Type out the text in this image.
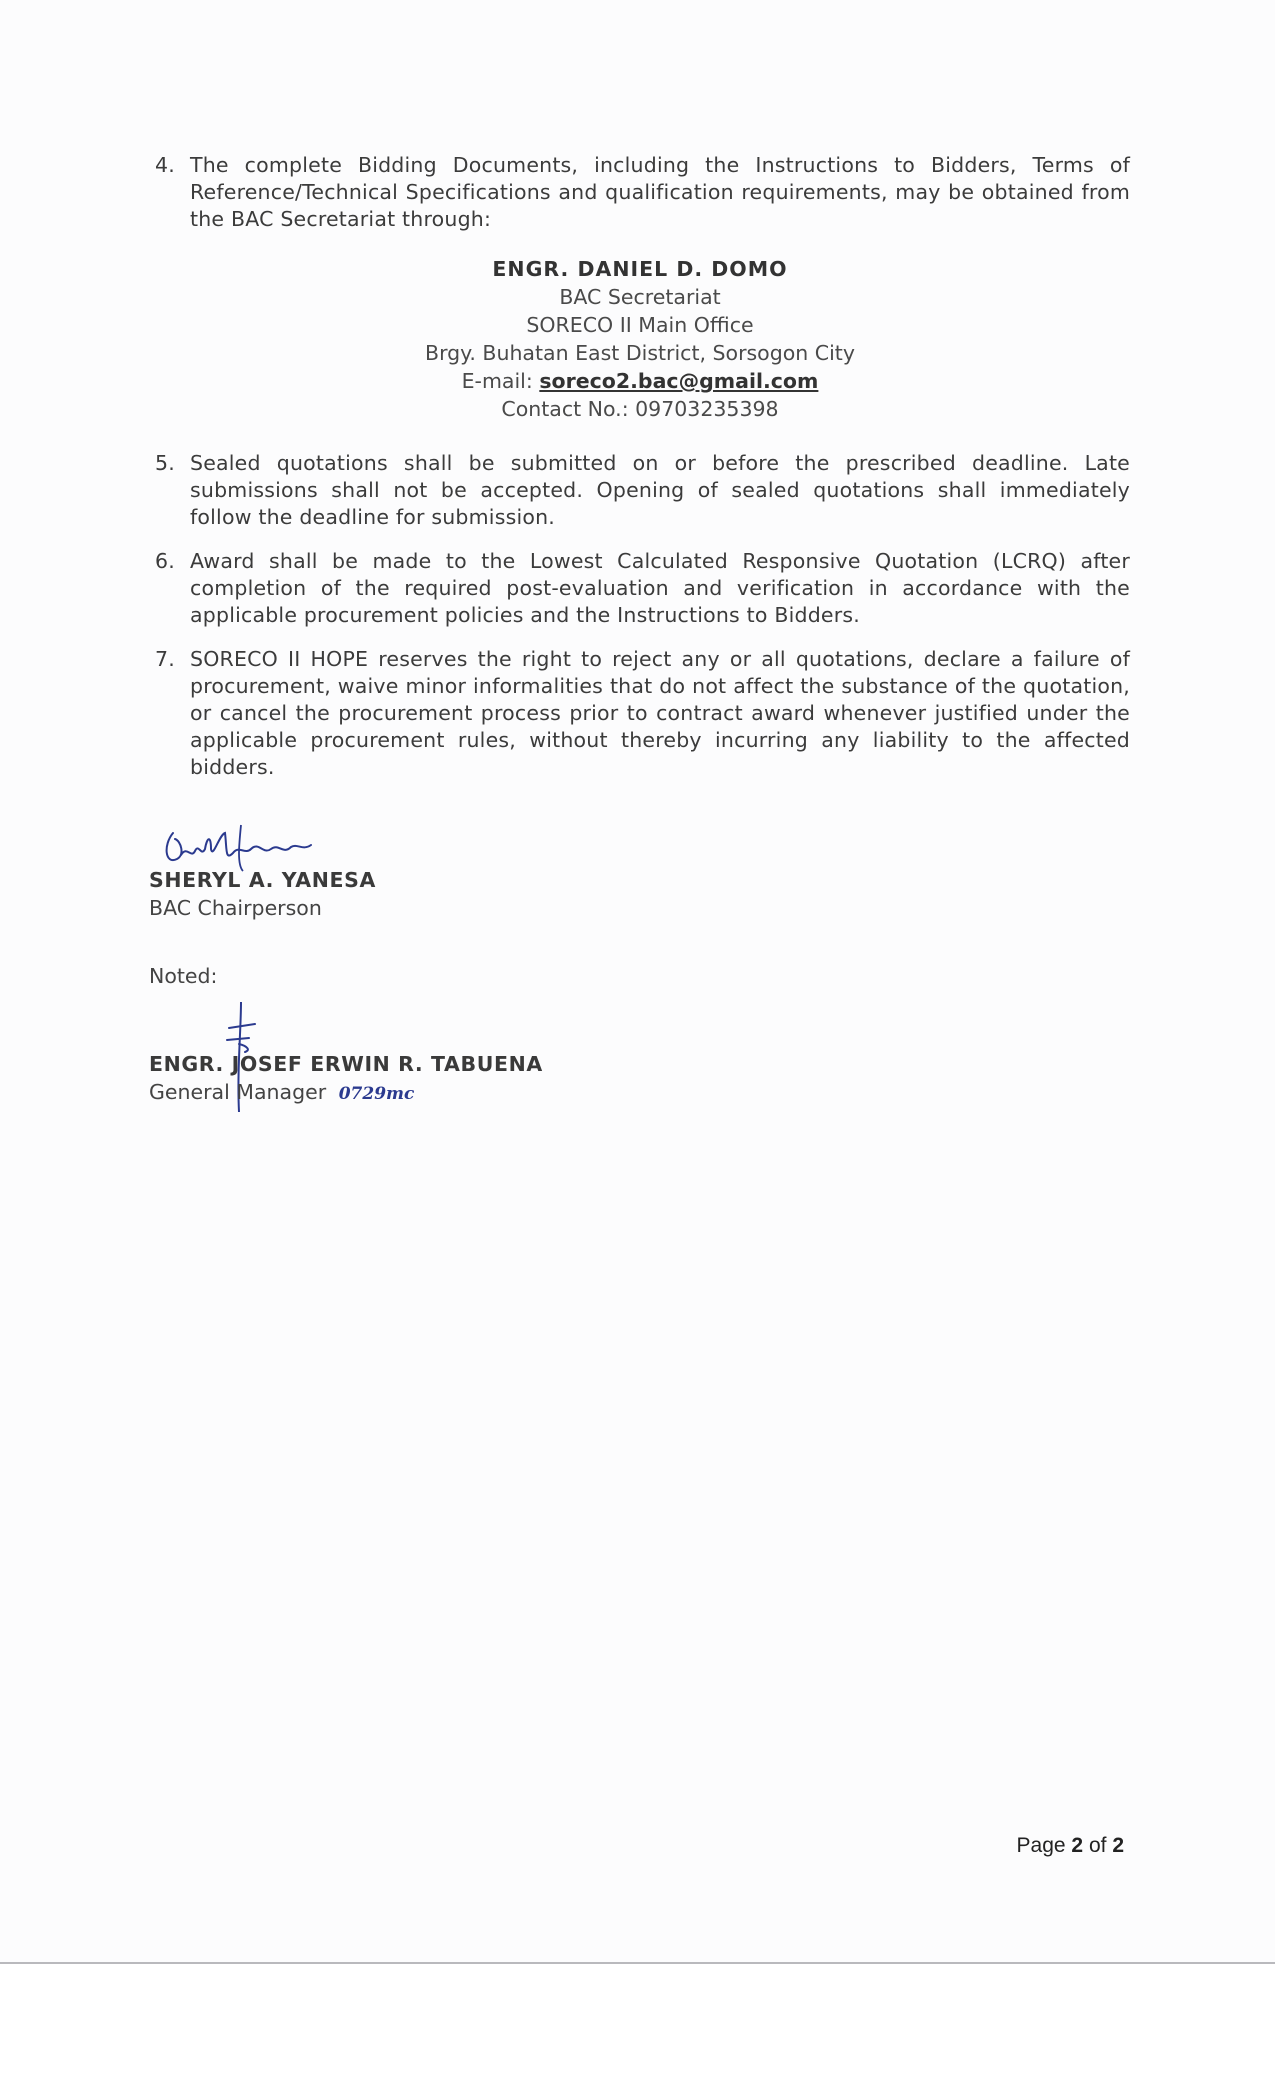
4. The complete Bidding Documents, including the Instructions to Bidders, Terms of Reference/Technical Specifications and qualification requirements, may be obtained from the BAC Secretariat through:
ENGR. DANIEL D. DOMO
BAC Secretariat
SORECO II Main Office
Brgy. Buhatan East District, Sorsogon City
E-mail: soreco2.bac@gmail.com
Contact No.: 09703235398
5. Sealed quotations shall be submitted on or before the prescribed deadline. Late submissions shall not be accepted. Opening of sealed quotations shall immediately follow the deadline for submission.
6. Award shall be made to the Lowest Calculated Responsive Quotation (LCRQ) after completion of the required post-evaluation and verification in accordance with the applicable procurement policies and the Instructions to Bidders.
7. SORECO II HOPE reserves the right to reject any or all quotations, declare a failure of procurement, waive minor informalities that do not affect the substance of the quotation, or cancel the procurement process prior to contract award whenever justified under the applicable procurement rules, without thereby incurring any liability to the affected bidders.
SHERYL A. YANESA
BAC Chairperson
Noted:
ENGR. JOSEF ERWIN R. TABUENA
General Manager 0729mc
Page 2 of 2
